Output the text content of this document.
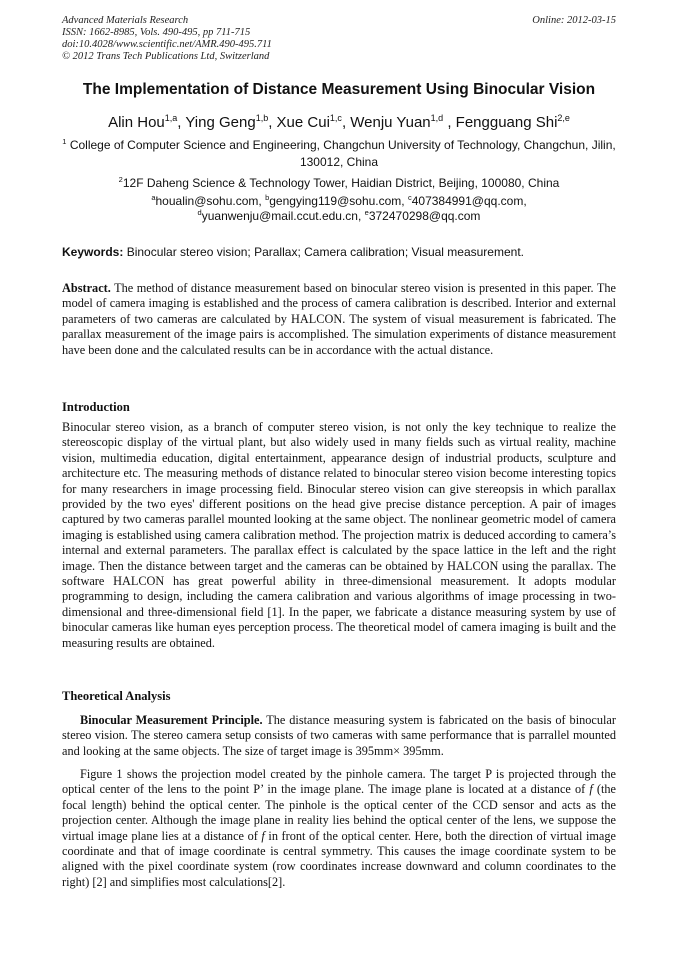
Advanced Materials Research
ISSN: 1662-8985, Vols. 490-495, pp 711-715
doi:10.4028/www.scientific.net/AMR.490-495.711
© 2012 Trans Tech Publications Ltd, Switzerland
Online: 2012-03-15
The Implementation of Distance Measurement Using Binocular Vision
Alin Hou$^{1,a}$, Ying Geng$^{1,b}$, Xue Cui$^{1,c}$, Wenju Yuan$^{1,d}$ , Fengguang Shi$^{2,e}$
$^1$ College of Computer Science and Engineering, Changchun University of Technology, Changchun, Jilin, 130012, China
$^2$12F Daheng Science & Technology Tower, Haidian District, Beijing, 100080, China
$^a$houalin@sohu.com, $^b$gengying119@sohu.com, $^c$407384991@qq.com,
$^d$yuanwenju@mail.ccut.edu.cn, $^e$372470298@qq.com
Keywords: Binocular stereo vision; Parallax; Camera calibration; Visual measurement.
Abstract. The method of distance measurement based on binocular stereo vision is presented in this paper. The model of camera imaging is established and the process of camera calibration is described. Interior and external parameters of two cameras are calculated by HALCON. The system of visual measurement is fabricated. The parallax measurement of the image pairs is accomplished. The simulation experiments of distance measurement have been done and the calculated results can be in accordance with the actual distance.
Introduction
Binocular stereo vision, as a branch of computer stereo vision, is not only the key technique to realize the stereoscopic display of the virtual plant, but also widely used in many fields such as virtual reality, machine vision, multimedia education, digital entertainment, appearance design of industrial products, sculpture and architecture etc. The measuring methods of distance related to binocular stereo vision become interesting topics for many researchers in image processing field. Binocular stereo vision can give stereopsis in which parallax provided by the two eyes' different positions on the head give precise distance perception. A pair of images captured by two cameras parallel mounted looking at the same object. The nonlinear geometric model of camera imaging is established using camera calibration method. The projection matrix is deduced according to camera’s internal and external parameters. The parallax effect is calculated by the space lattice in the left and the right image. Then the distance between target and the cameras can be obtained by HALCON using the parallax. The software HALCON has great powerful ability in three-dimensional measurement. It adopts modular programming to design, including the camera calibration and various algorithms of image processing in two-dimensional and three-dimensional field [1]. In the paper, we fabricate a distance measuring system by use of binocular cameras like human eyes perception process. The theoretical model of camera imaging is built and the measuring results are obtained.
Theoretical Analysis
Binocular Measurement Principle. The distance measuring system is fabricated on the basis of binocular stereo vision. The stereo camera setup consists of two cameras with same performance that is parrallel mounted and looking at the same objects. The size of target image is 395mm× 395mm.
Figure 1 shows the projection model created by the pinhole camera. The target P is projected through the optical center of the lens to the point P’ in the image plane. The image plane is located at a distance of f (the focal length) behind the optical center. The pinhole is the optical center of the CCD sensor and acts as the projection center. Although the image plane in reality lies behind the optical center of the lens, we suppose the virtual image plane lies at a distance of f in front of the optical center. Here, both the direction of virtual image coordinate and that of image coordinate is central symmetry. This causes the image coordinate system to be aligned with the pixel coordinate system (row coordinates increase downward and column coordinates to the right) [2] and simplifies most calculations[2].
